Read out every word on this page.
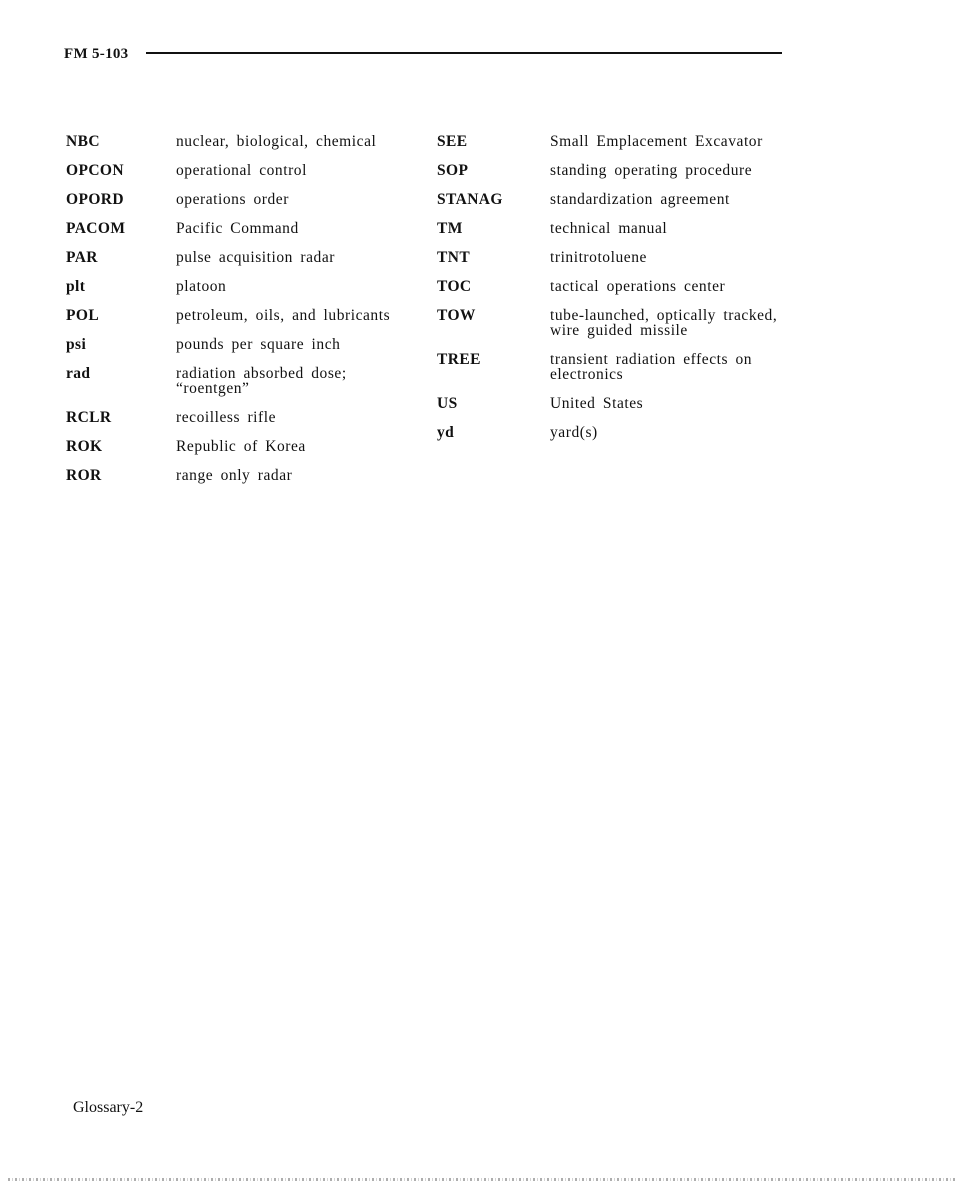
FM 5-103
NBC	nuclear, biological, chemical
OPCON	operational control
OPORD	operations order
PACOM	Pacific Command
PAR	pulse acquisition radar
plt	platoon
POL	petroleum, oils, and lubricants
psi	pounds per square inch
rad	radiation absorbed dose; “roentgen”
RCLR	recoilless rifle
ROK	Republic of Korea
ROR	range only radar
SEE	Small Emplacement Excavator
SOP	standing operating procedure
STANAG	standardization agreement
TM	technical manual
TNT	trinitrotoluene
TOC	tactical operations center
TOW	tube-launched, optically tracked, wire guided missile
TREE	transient radiation effects on electronics
US	United States
yd	yard(s)
Glossary-2
